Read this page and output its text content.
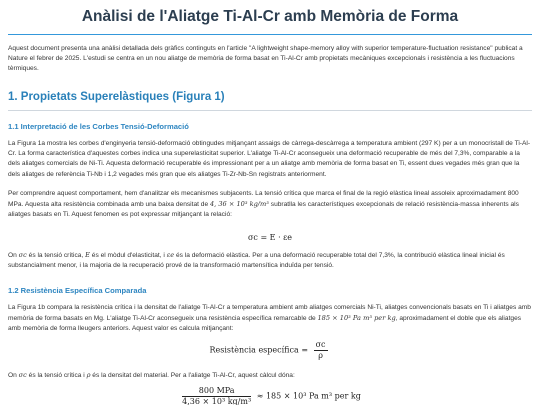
Anàlisi de l'Aliatge Ti-Al-Cr amb Memòria de Forma
Aquest document presenta una anàlisi detallada dels gràfics continguts en l'article "A lightweight shape-memory alloy with superior temperature-fluctuation resistance" publicat a Nature el febrer de 2025. L'estudi se centra en un nou aliatge de memòria de forma basat en Ti-Al-Cr amb propietats mecàniques excepcionals i resistència a les fluctuacions tèrmiques.
1. Propietats Superelàstiques (Figura 1)
1.1 Interpretació de les Corbes Tensió-Deformació
La Figura 1a mostra les corbes d'enginyeria tensió-deformació obtingudes mitjançant assaigs de càrrega-descàrrega a temperatura ambient (297 K) per a un monocristall de Ti-Al-Cr. La forma característica d'aquestes corbes indica una superelasticitat superior. L'aliatge Ti-Al-Cr aconsegueix una deformació recuperable de més del 7,3%, comparable a la dels aliatges comercials de Ni-Ti. Aquesta deformació recuperable és impressionant per a un aliatge amb memòria de forma basat en Ti, essent dues vegades més gran que la dels aliatges de referència Ti-Nb i 1,2 vegades més gran que els aliatges Ti-Zr-Nb-Sn registrats anteriorment.
Per comprendre aquest comportament, hem d'analitzar els mecanismes subjacents. La tensió crítica que marca el final de la regió elàstica lineal assoleix aproximadament 800 MPa. Aquesta alta resistència combinada amb una baixa densitat de 4, 36 × 10³ kg/m³ subratlla les característiques excepcionals de relació resistència-massa inherents als aliatges basats en Ti. Aquest fenomen es pot expressar mitjançant la relació:
σc = E · εe
On σc és la tensió crítica, E és el mòdul d'elasticitat, i εe és la deformació elàstica. Per a una deformació recuperable total del 7,3%, la contribució elàstica lineal inicial és substancialment menor, i la majoria de la recuperació prové de la transformació martensítica induïda per tensió.
1.2 Resistència Específica Comparada
La Figura 1b compara la resistència crítica i la densitat de l'aliatge Ti-Al-Cr a temperatura ambient amb aliatges comercials Ni-Ti, aliatges convencionals basats en Ti i aliatges amb memòria de forma basats en Mg. L'aliatge Ti-Al-Cr aconsegueix una resistència específica remarcable de 185 × 10³ Pa m³ per kg, aproximadament el doble que els aliatges amb memòria de forma lleugers anteriors. Aquest valor es calcula mitjançant:
Resistència específica = $\frac{\sigma c}{\rho}$
On σc és la tensió crítica i ρ és la densitat del material. Per a l'aliatge Ti-Al-Cr, aquest càlcul dóna:
$\frac{\text{800 MPa}}{\text{4,36 × 10³ kg/m³}} \approx 185 \times 10^3$ Pa m³ per kg
